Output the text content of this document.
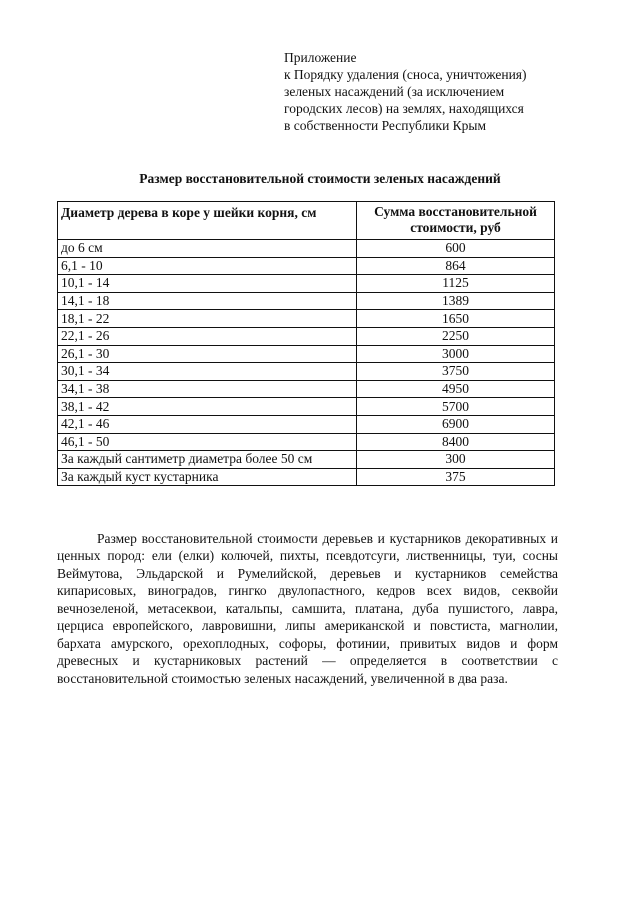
Приложение
к Порядку удаления (сноса, уничтожения)
зеленых насаждений (за исключением
городских лесов) на землях, находящихся
в собственности Республики Крым
Размер восстановительной стоимости зеленых насаждений
Диаметр дерева в коре у шейки корня, см	Сумма восстановительной стоимости, руб
до 6 см	600
6,1 - 10	864
10,1 - 14	1125
14,1 - 18	1389
18,1 - 22	1650
22,1 - 26	2250
26,1 - 30	3000
30,1 - 34	3750
34,1 - 38	4950
38,1 - 42	5700
42,1 - 46	6900
46,1 - 50	8400
За каждый сантиметр диаметра более 50 см	300
За каждый куст кустарника	375

Размер восстановительной стоимости деревьев и кустарников декоративных и ценных пород: ели (елки) колючей, пихты, псевдотсуги, лиственницы, туи, сосны Веймутова, Эльдарской и Румелийской, деревьев и кустарников семейства кипарисовых, виноградов, гингко двулопастного, кедров всех видов, секвойи вечнозеленой, метасеквои, катальпы, самшита, платана, дуба пушистого, лавра, церциса европейского, лавровишни, липы американской и повстиста, магнолии, бархата амурского, орехоплодных, софоры, фотинии, привитых видов и форм древесных и кустарниковых растений — определяется в соответствии с восстановительной стоимостью зеленых насаждений, увеличенной в два раза.
